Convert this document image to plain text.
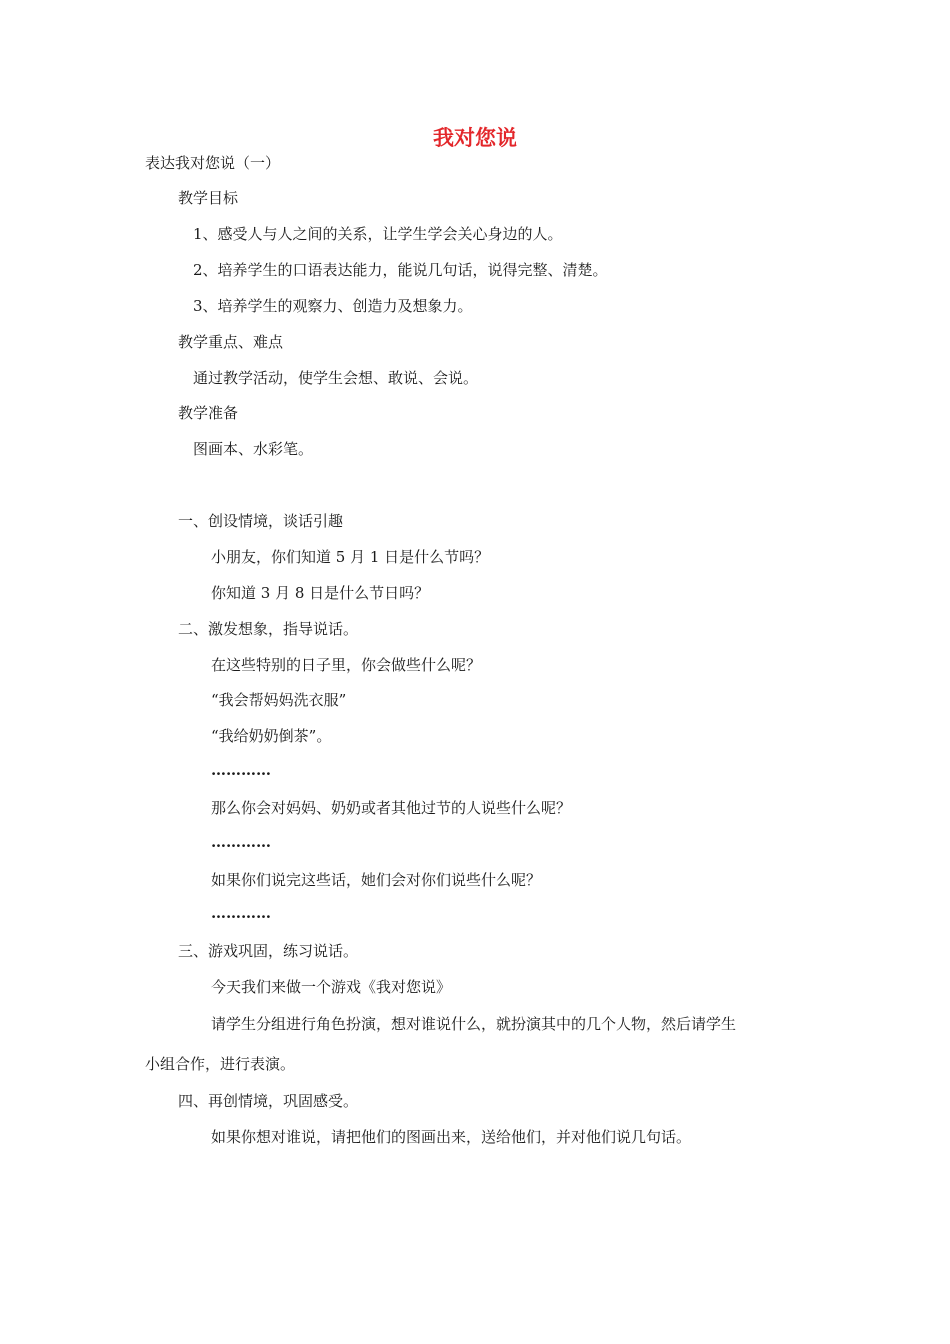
我对您说
表达我对您说（一）
教学目标
1、感受人与人之间的关系，让学生学会关心身边的人。
2、培养学生的口语表达能力，能说几句话，说得完整、清楚。
3、培养学生的观察力、创造力及想象力。
教学重点、难点
通过教学活动，使学生会想、敢说、会说。
教学准备
图画本、水彩笔。
一、创设情境，谈话引趣
小朋友，你们知道 5 月 1 日是什么节吗？
你知道 3 月 8 日是什么节日吗？
二、激发想象，指导说话。
在这些特别的日子里，你会做些什么呢？
“我会帮妈妈洗衣服”
“我给奶奶倒茶”。
…………
那么你会对妈妈、奶奶或者其他过节的人说些什么呢？
…………
如果你们说完这些话，她们会对你们说些什么呢？
…………
三、游戏巩固，练习说话。
今天我们来做一个游戏《我对您说》
请学生分组进行角色扮演，想对谁说什么，就扮演其中的几个人物，然后请学生
小组合作，进行表演。
四、再创情境，巩固感受。
如果你想对谁说，请把他们的图画出来，送给他们，并对他们说几句话。
